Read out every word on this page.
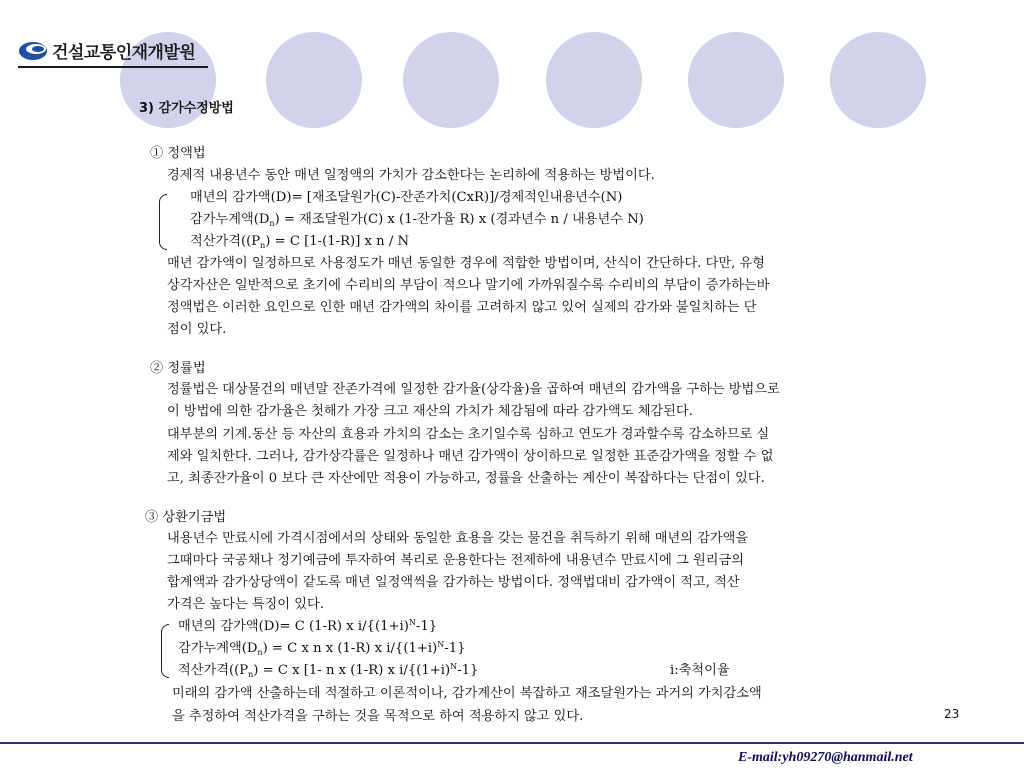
건설교통인재개발원
3) 감가수정방법
① 정액법
경제적 내용년수 동안 매년 일정액의 가치가 감소한다는 논리하에 적용하는 방법이다.
매년의 감가액(D)= [재조달원가(C)-잔존가치(CxR)]/경제적인내용년수(N)
감가누계액$(D_n)$ = 재조달원가(C) x (1-잔가율 R) x (경과년수 n / 내용년수 N)
적산가격($(P_n) = C$ [1-(1-R)] x n / N
매년 감가액이 일정하므로 사용정도가 매년 동일한 경우에 적합한 방법이며, 산식이 간단하다. 다만, 유형
상각자산은 일반적으로 초기에 수리비의 부담이 적으나 말기에 가까워질수록 수리비의 부담이 증가하는바
정액법은 이러한 요인으로 인한 매년 감가액의 차이를 고려하지 않고 있어 실제의 감가와 불일치하는 단
점이 있다.
② 정률법
정률법은 대상물건의 매년말 잔존가격에 일정한 감가율(상각율)을 곱하여 매년의 감가액을 구하는 방법으로
이 방법에 의한 감가율은 첫해가 가장 크고 재산의 가치가 체감됨에 따라 감가액도 체감된다.
대부분의 기계.동산 등 자산의 효용과 가치의 감소는 초기일수록 심하고 연도가 경과할수록 감소하므로 실
제와 일치한다. 그러나, 감가상각률은 일정하나 매년 감가액이 상이하므로 일정한 표준감가액을 정할 수 없
고, 최종잔가율이 0 보다 큰 자산에만 적용이 가능하고, 정률을 산출하는 계산이 복잡하다는 단점이 있다.
③ 상환기금법
내용년수 만료시에 가격시점에서의 상태와 동일한 효용을 갖는 물건을 취득하기 위해 매년의 감가액을
그때마다 국공채나 정기예금에 투자하여 복리로 운용한다는 전제하에 내용년수 만료시에 그 원리금의
합계액과 감가상당액이 같도록 매년 일정액씩을 감가하는 방법이다. 정액법대비 감가액이 적고, 적산
가격은 높다는 특징이 있다.
매년의 감가액(D)= C (1-R) x $i/\{(1+i)^N-1\}$
감가누계액$(D_n) = C$ x n x (1-R) x $i/\{(1+i)^N-1\}$
적산가격($(P_n) = C$ x [1- n x (1-R) x $i/\{(1+i)^N-1\}$	i:축척이율
미래의 감가액 산출하는데 적절하고 이론적이나, 감가계산이 복잡하고 재조달원가는 과거의 가치감소액
을 추정하여 적산가격을 구하는 것을 목적으로 하여 적용하지 않고 있다.	23
E-mail:yh09270@hanmail.net
